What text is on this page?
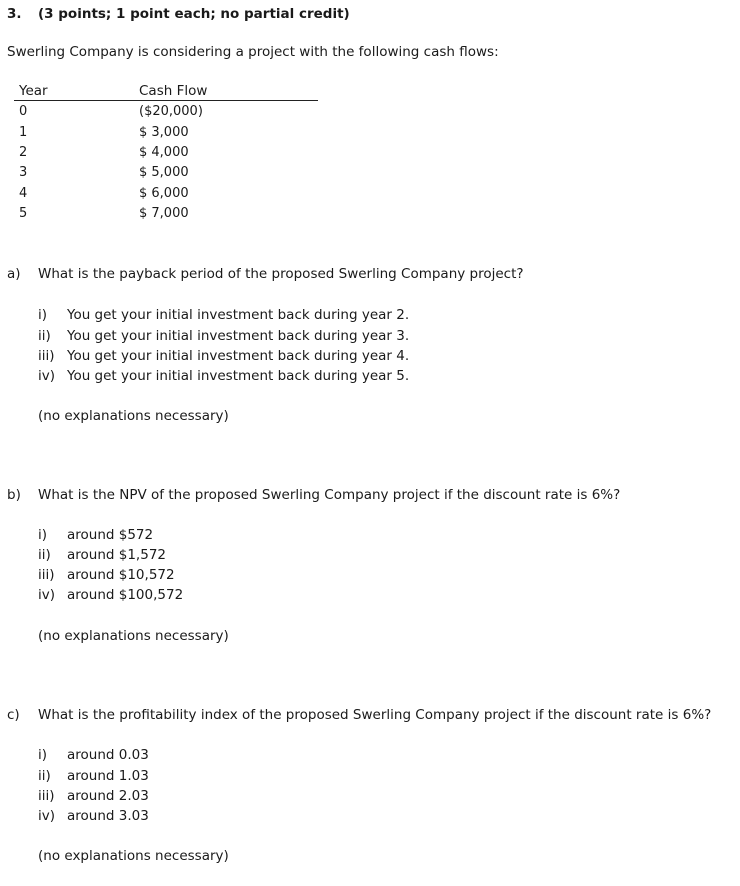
3. (3 points; 1 point each; no partial credit)
Swerling Company is considering a project with the following cash flows:
Year	Cash Flow
0	($20,000)
1	$ 3,000
2	$ 4,000
3	$ 5,000
4	$ 6,000
5	$ 7,000
a) What is the payback period of the proposed Swerling Company project?
i) You get your initial investment back during year 2.
ii) You get your initial investment back during year 3.
iii) You get your initial investment back during year 4.
iv) You get your initial investment back during year 5.
(no explanations necessary)
b) What is the NPV of the proposed Swerling Company project if the discount rate is 6%?
i) around $572
ii) around $1,572
iii) around $10,572
iv) around $100,572
(no explanations necessary)
c) What is the profitability index of the proposed Swerling Company project if the discount rate is 6%?
i) around 0.03
ii) around 1.03
iii) around 2.03
iv) around 3.03
(no explanations necessary)
